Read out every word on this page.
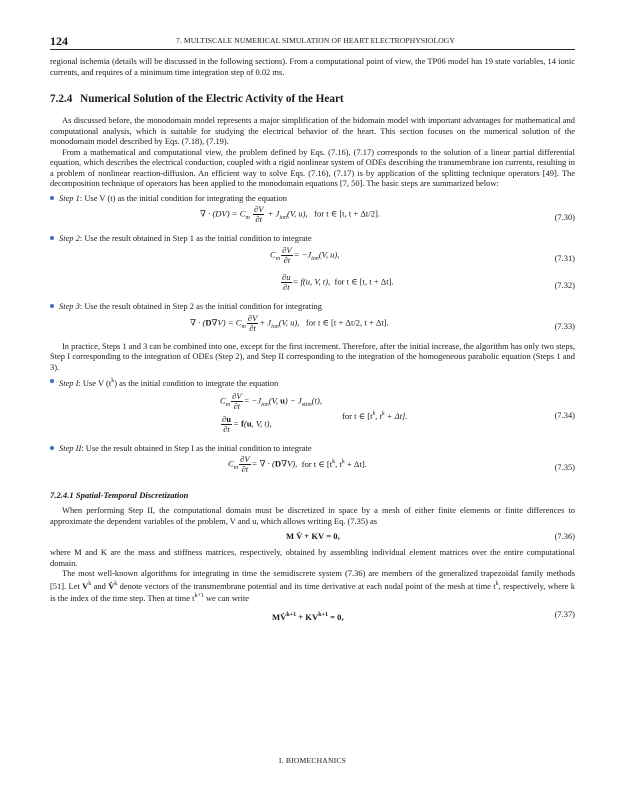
124	7. MULTISCALE NUMERICAL SIMULATION OF HEART ELECTROPHYSIOLOGY

regional ischemia (details will be discussed in the following sections). From a computational point of view, the TP06 model has 19 state variables, 14 ionic currents, and requires of a minimum time integration step of 0.02 ms.

7.2.4 Numerical Solution of the Electric Activity of the Heart

As discussed before, the monodomain model represents a major simplification of the bidomain model with important advantages for mathematical and computational analysis, which is suitable for studying the electrical behavior of the heart. This section focuses on the numerical solution of the monodomain model described by Eqs. (7.18), (7.19).

From a mathematical and computational view, the problem defined by Eqs. (7.16), (7.17) corresponds to the solution of a linear partial differential equation, which describes the electrical conduction, coupled with a rigid nonlinear system of ODEs describing the transmembrane ion currents, resulting in a problem of nonlinear reaction-diffusion. An efficient way to solve Eqs. (7.16), (7.17) is by application of the splitting technique operators [49]. The decomposition technique of operators has been applied to the monodomain equations [7, 50]. The basic steps are summarized below:

Step 1: Use V (t) as the initial condition for integrating the equation
∇ · $(DV) = C_m \frac{\partial V}{\partial t} + J_{ion}(V$, u),   for t ∈ [t, t + Δt/2].	(7.30)
Step 2: Use the result obtained in Step 1 as the initial condition to integrate
$C_m \frac{\partial V}{\partial t} = -J_{ion}(V$, u),	(7.31)
$\frac{\partial u}{\partial t} = f(u$, V, t), for t ∈ [t, t + Δt].	(7.32)
Step 3: Use the result obtained in Step 2 as the initial condition for integrating
∇ · $(D\nabla V) = C_m \frac{\partial V}{\partial t} + J_{ion}(V$, u),   for t ∈ [t + Δt/2, t + Δt].	(7.33)

In practice, Steps 1 and 3 can be combined into one, except for the first increment. Therefore, after the initial increase, the algorithm has only two steps, Step I corresponding to the integration of ODEs (Step 2), and Step II corresponding to the integration of the homogeneous parabolic equation (Steps 1 and 3).

Step I: Use V $(t^k)$ as the initial condition to integrate the equation
$C_m \frac{\partial V}{\partial t} = -J_{ion}(V$, $u) - J_{stim}(t)$,
$\frac{\partial u}{\partial t} = f(u$, V, t),
for t ∈ [$t^k$, $t^k + \Delta t$].	(7.34)
Step II: Use the result obtained in Step I as the initial condition to integrate
$C_m \frac{\partial V}{\partial t}$ = ∇ · (D∇V),  for t ∈ [$t^k$, $t^k + \Delta t$].	(7.35)
7.2.4.1 Spatial-Temporal Discretization

When performing Step II, the computational domain must be discretized in space by a mesh of either finite elements or finite differences to approximate the dependent variables of the problem, V and u, which allows writing Eq. (7.35) as

M V̇ + KV = 0,	(7.36)

where M and K are the mass and stiffness matrices, respectively, obtained by assembling individual element matrices over the entire computational domain.

The most well-known algorithms for integrating in time the semidiscrete system (7.36) are members of the generalized trapezoidal family methods [51]. Let $V^k$ and V̇$^k$ denote vectors of the transmembrane potential and its time derivative at each nodal point of the mesh at time $t^k$, respectively, where k is the index of the time step. Then at time $t^{k+1}$ we can write

MV̇$^{k+1}$ + $KV^{k+1} = 0$,	(7.37)
I. BIOMECHANICS
